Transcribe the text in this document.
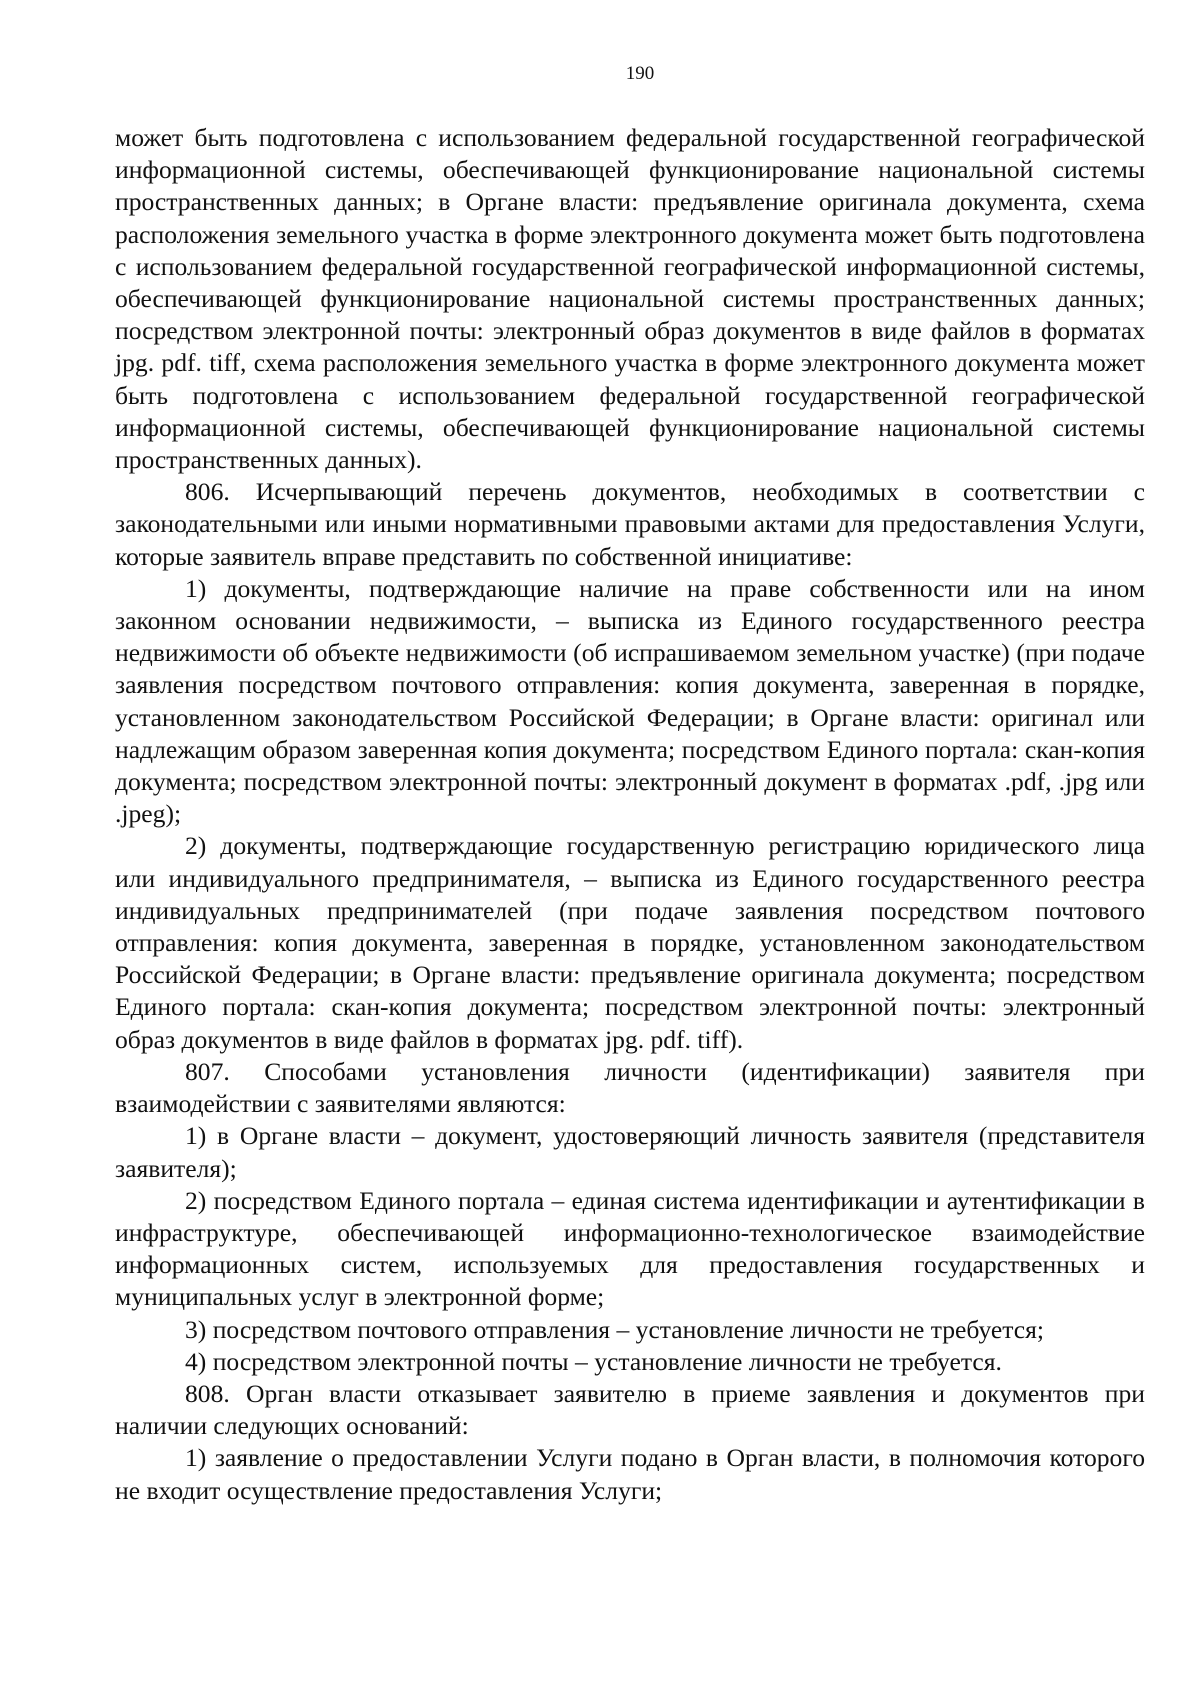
190

может быть подготовлена с использованием федеральной государственной географической информационной системы, обеспечивающей функционирование национальной системы пространственных данных; в Органе власти: предъявление оригинала документа, схема расположения земельного участка в форме электронного документа может быть подготовлена с использованием федеральной государственной географической информационной системы, обеспечивающей функционирование национальной системы пространственных данных; посредством электронной почты: электронный образ документов в виде файлов в форматах jpg. pdf. tiff, схема расположения земельного участка в форме электронного документа может быть подготовлена с использованием федеральной государственной географической информационной системы, обеспечивающей функционирование национальной системы пространственных данных).

806. Исчерпывающий перечень документов, необходимых в соответствии с законодательными или иными нормативными правовыми актами для предоставления Услуги, которые заявитель вправе представить по собственной инициативе:

1) документы, подтверждающие наличие на праве собственности или на ином законном основании недвижимости, – выписка из Единого государственного реестра недвижимости об объекте недвижимости (об испрашиваемом земельном участке) (при подаче заявления посредством почтового отправления: копия документа, заверенная в порядке, установленном законодательством Российской Федерации; в Органе власти: оригинал или надлежащим образом заверенная копия документа; посредством Единого портала: скан-копия документа; посредством электронной почты: электронный документ в форматах .pdf, .jpg или .jpeg);

2) документы, подтверждающие государственную регистрацию юридического лица или индивидуального предпринимателя, – выписка из Единого государственного реестра индивидуальных предпринимателей (при подаче заявления посредством почтового отправления: копия документа, заверенная в порядке, установленном законодательством Российской Федерации; в Органе власти: предъявление оригинала документа; посредством Единого портала: скан-копия документа; посредством электронной почты: электронный образ документов в виде файлов в форматах jpg. pdf. tiff).

807. Способами установления личности (идентификации) заявителя при взаимодействии с заявителями являются:

1) в Органе власти – документ, удостоверяющий личность заявителя (представителя заявителя);

2) посредством Единого портала – единая система идентификации и аутентификации в инфраструктуре, обеспечивающей информационно-технологическое взаимодействие информационных систем, используемых для предоставления государственных и муниципальных услуг в электронной форме;

3) посредством почтового отправления – установление личности не требуется;

4) посредством электронной почты – установление личности не требуется.

808. Орган власти отказывает заявителю в приеме заявления и документов при наличии следующих оснований:

1) заявление о предоставлении Услуги подано в Орган власти, в полномочия которого не входит осуществление предоставления Услуги;
